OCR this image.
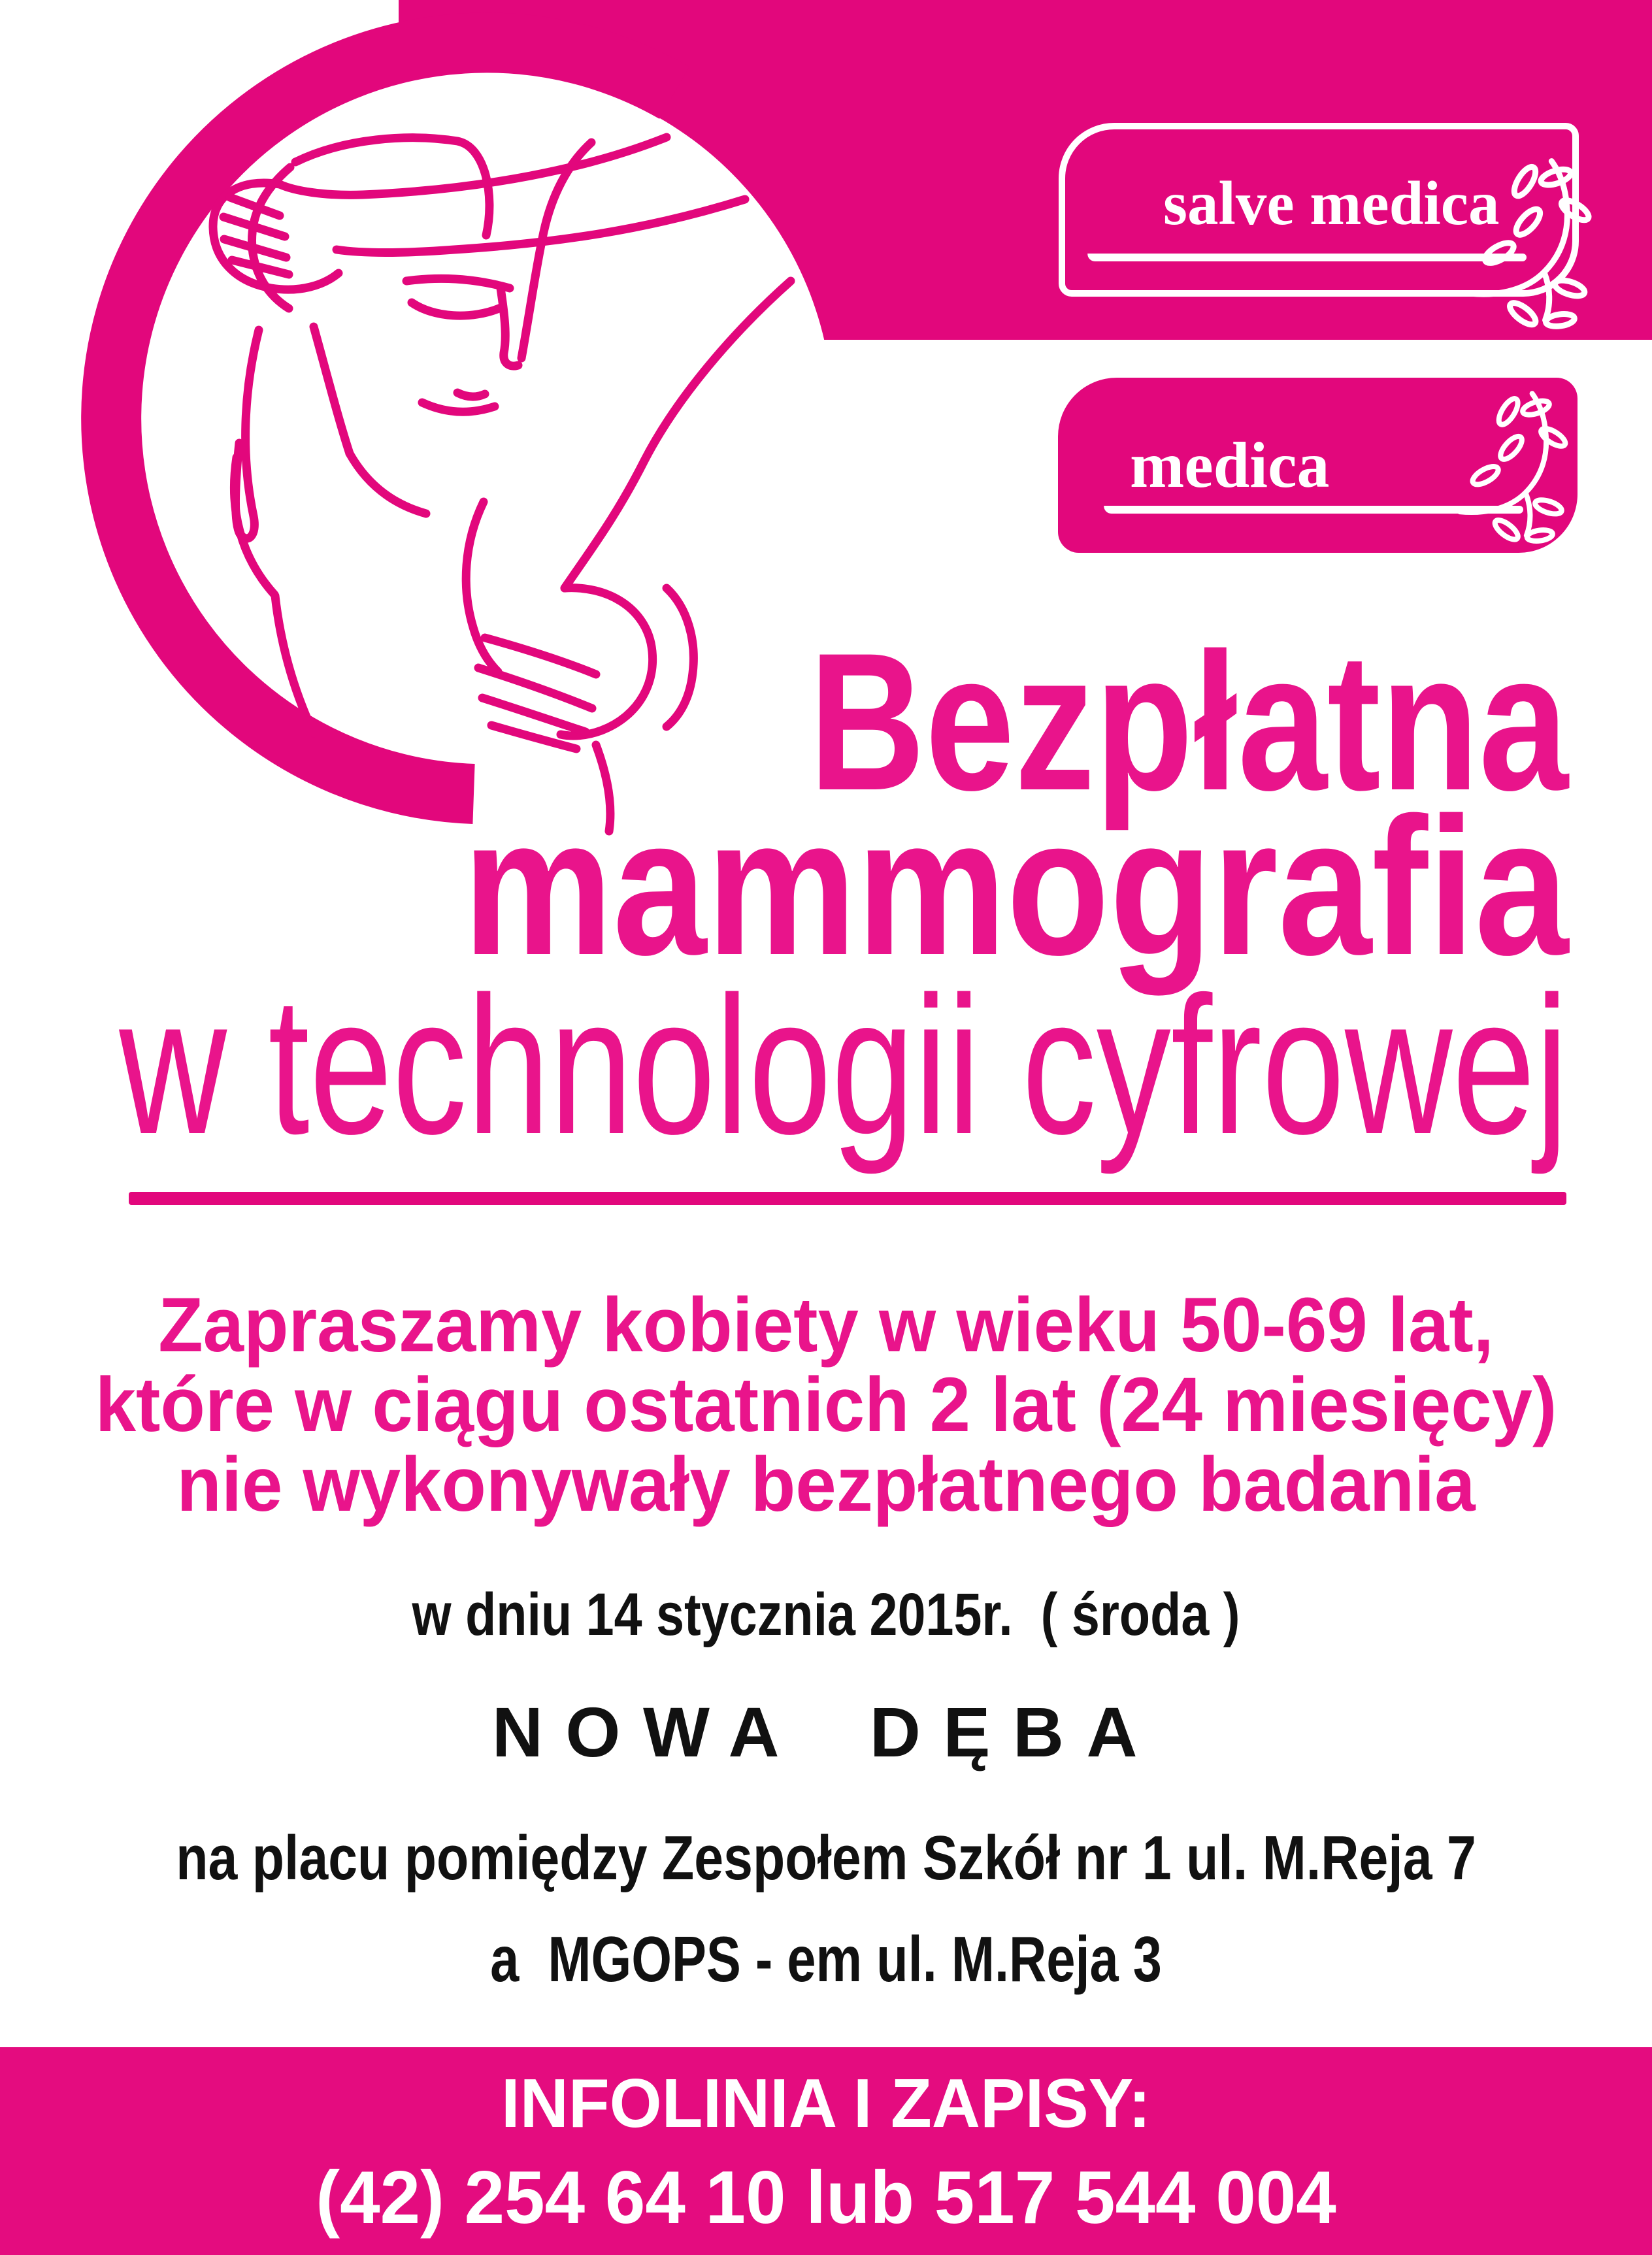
salve medica
medica
Bezpłatna
mammografia
w technologii cyfrowej
Zapraszamy kobiety w wieku 50-69 lat,
które w ciągu ostatnich 2 lat (24 miesięcy)
nie wykonywały bezpłatnego badania
w dniu 14 stycznia 2015r.  ( środa )
NOWA DĘBA
na placu pomiędzy Zespołem Szkół nr 1 ul. M.Reja 7
a  MGOPS - em ul. M.Reja 3
INFOLINIA I ZAPISY:
(42) 254 64 10 lub 517 544 004
